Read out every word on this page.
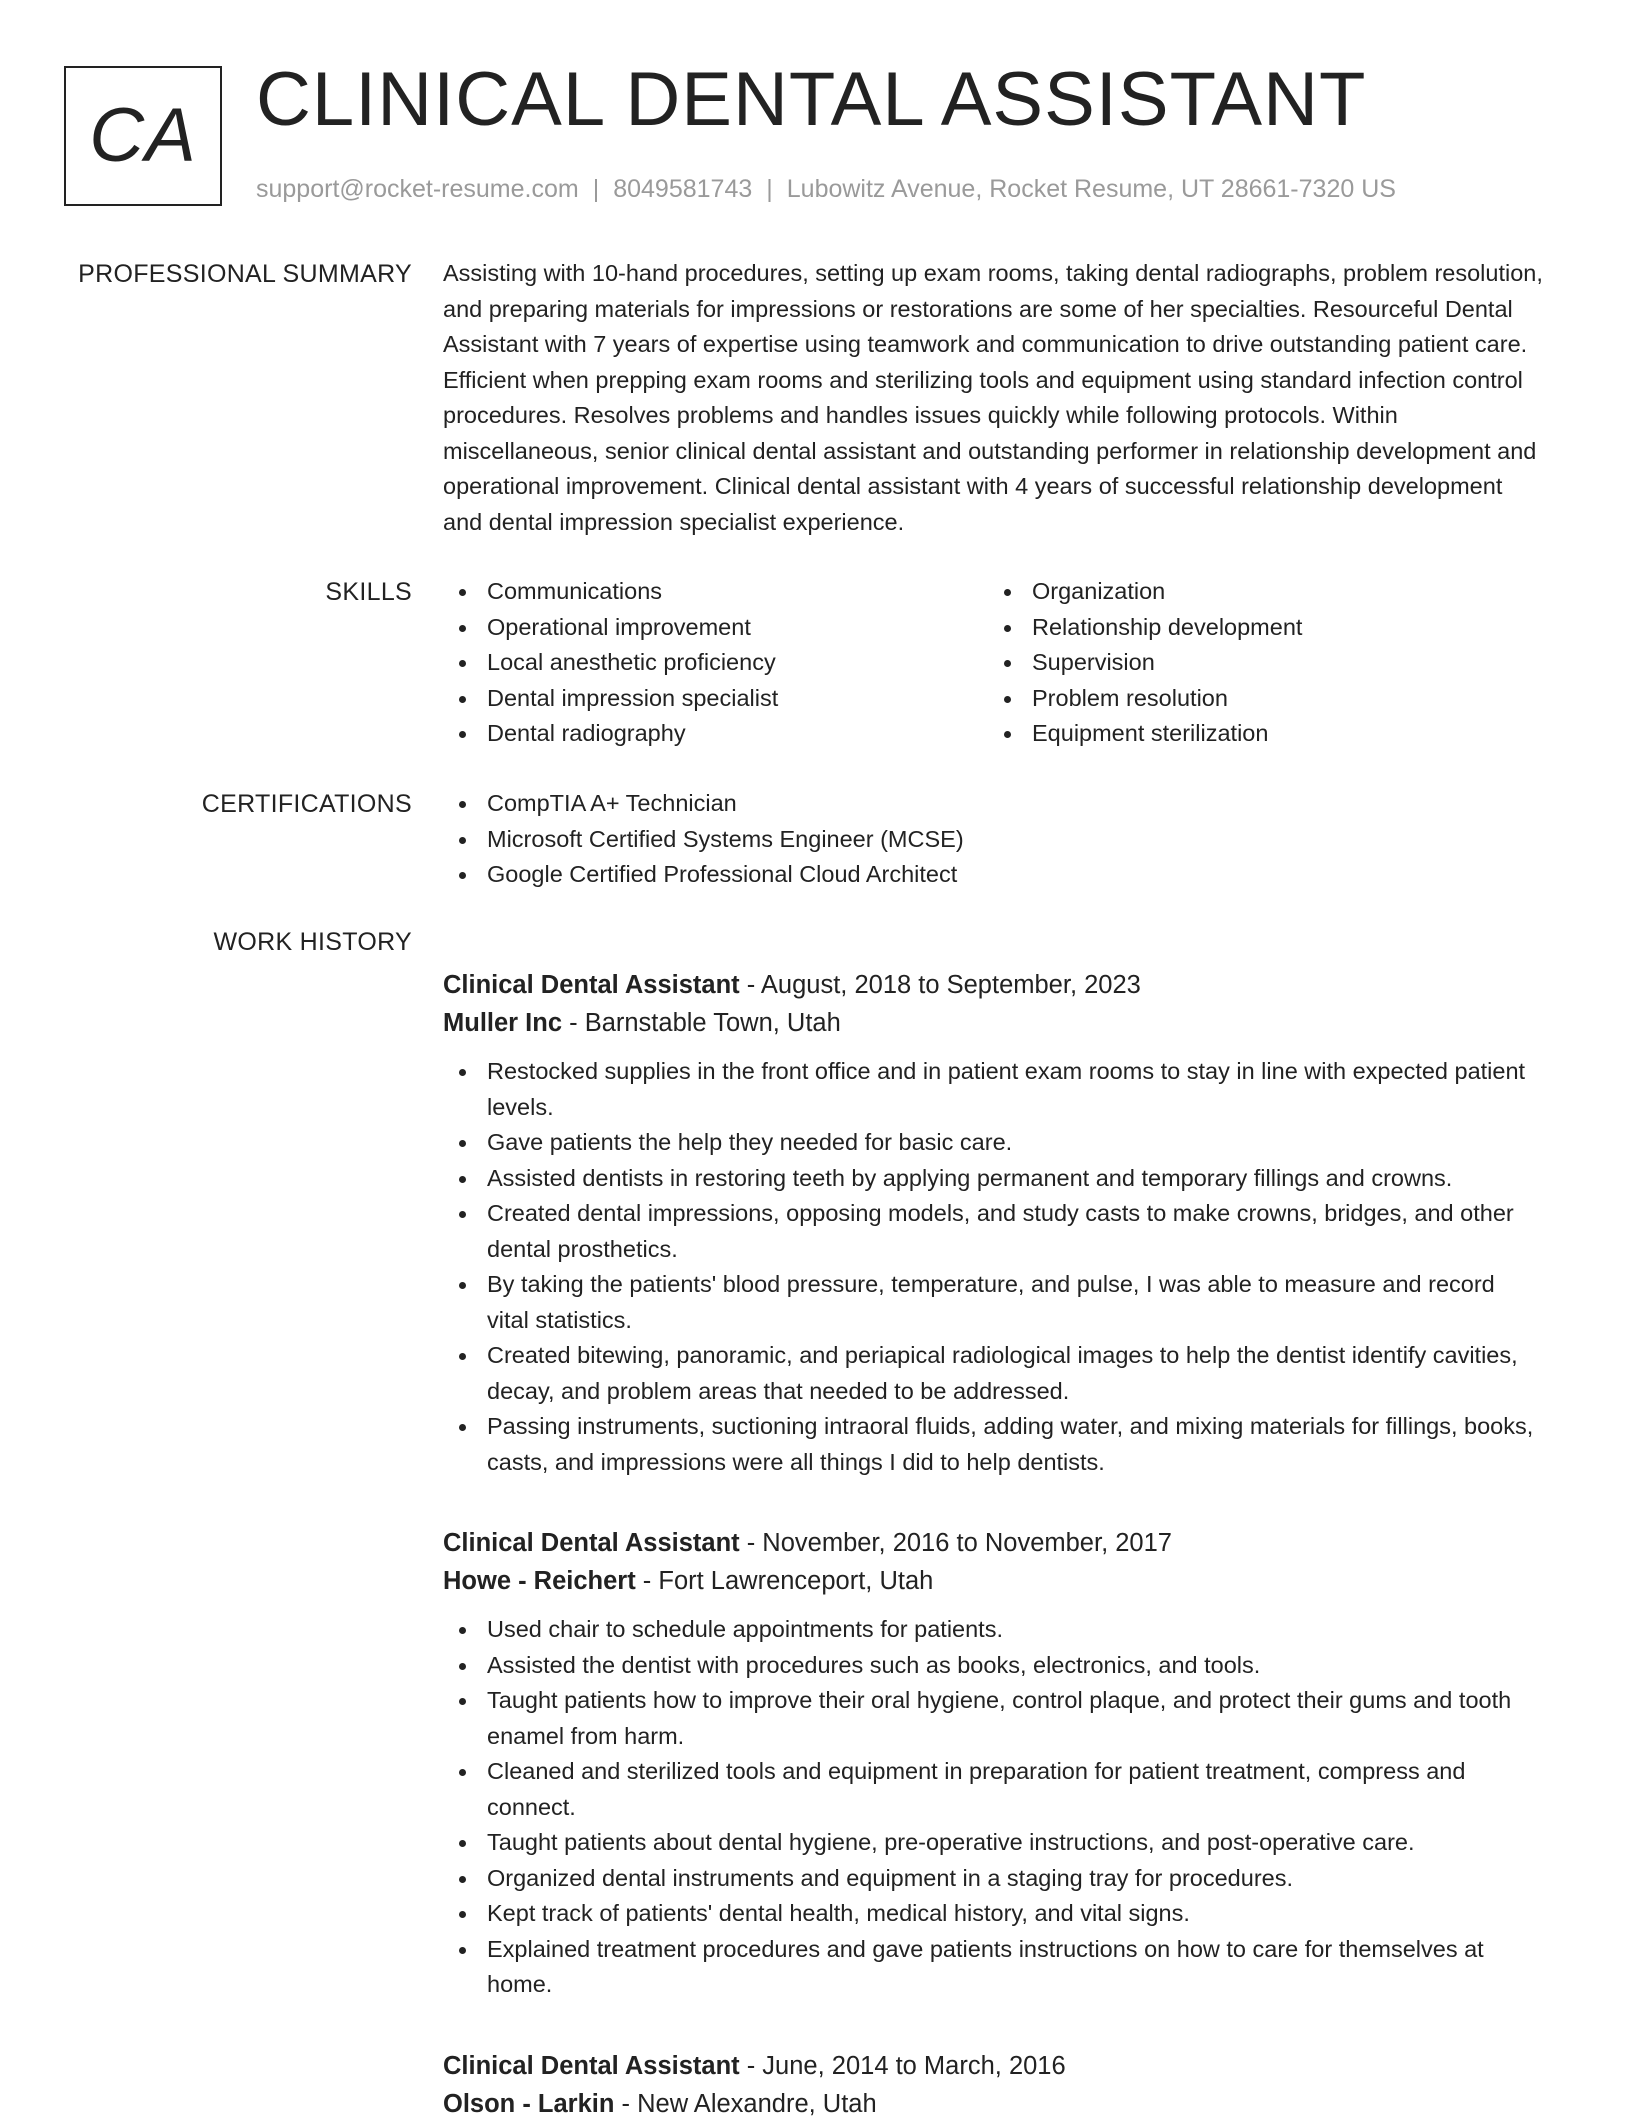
CA CLINICAL DENTAL ASSISTANT
support@rocket-resume.com | 8049581743 | Lubowitz Avenue, Rocket Resume, UT 28661-7320 US
PROFESSIONAL SUMMARY Assisting with 10-hand procedures, setting up exam rooms, taking dental radiographs, problem resolution, and preparing materials for impressions or restorations are some of her specialties. Resourceful Dental Assistant with 7 years of expertise using teamwork and communication to drive outstanding patient care. Efficient when prepping exam rooms and sterilizing tools and equipment using standard infection control procedures. Resolves problems and handles issues quickly while following protocols. Within miscellaneous, senior clinical dental assistant and outstanding performer in relationship development and operational improvement. Clinical dental assistant with 4 years of successful relationship development and dental impression specialist experience.

SKILLS	Communications
Operational improvement
Local anesthetic proficiency
Dental impression specialist
Dental radiography
Organization
Relationship development
Supervision
Problem resolution
Equipment sterilization
CERTIFICATIONS	CompTIA A+ Technician
Microsoft Certified Systems Engineer (MCSE)
Google Certified Professional Cloud Architect
WORK HISTORY
Clinical Dental Assistant - August, 2018 to September, 2023
Muller Inc - Barnstable Town, Utah
Restocked supplies in the front office and in patient exam rooms to stay in line with expected patient levels.
Gave patients the help they needed for basic care.
Assisted dentists in restoring teeth by applying permanent and temporary fillings and crowns.
Created dental impressions, opposing models, and study casts to make crowns, bridges, and other dental prosthetics.
By taking the patients' blood pressure, temperature, and pulse, I was able to measure and record vital statistics.
Created bitewing, panoramic, and periapical radiological images to help the dentist identify cavities, decay, and problem areas that needed to be addressed.
Passing instruments, suctioning intraoral fluids, adding water, and mixing materials for fillings, books, casts, and impressions were all things I did to help dentists.
Clinical Dental Assistant - November, 2016 to November, 2017
Howe - Reichert - Fort Lawrenceport, Utah
Used chair to schedule appointments for patients.
Assisted the dentist with procedures such as books, electronics, and tools.
Taught patients how to improve their oral hygiene, control plaque, and protect their gums and tooth enamel from harm.
Cleaned and sterilized tools and equipment in preparation for patient treatment, compress and connect.
Taught patients about dental hygiene, pre-operative instructions, and post-operative care.
Organized dental instruments and equipment in a staging tray for procedures.
Kept track of patients' dental health, medical history, and vital signs.
Explained treatment procedures and gave patients instructions on how to care for themselves at home.
Clinical Dental Assistant - June, 2014 to March, 2016
Olson - Larkin - New Alexandre, Utah
